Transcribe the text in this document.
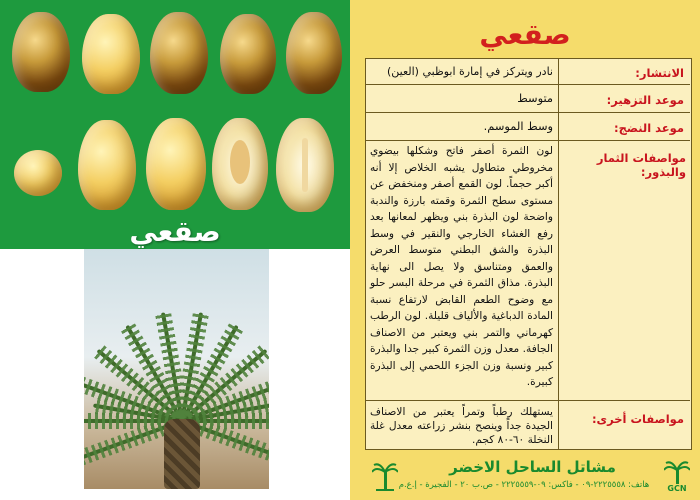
صقعي
صقعي
الانتشار:
نادر ويتركز في إمارة ابوظبي (العين)
موعد التزهير:
متوسط
موعد النضج:
وسط الموسم.
مواصفات الثمار والبذور:
لون الثمرة أصفر فاتح وشكلها بيضوي مخروطي متطاول يشبه الخلاص إلا أنه أكبر حجماً. لون القمع أصفر ومنخفض عن مستوى سطح الثمرة وقمته بارزة والندبة واضحة لون البذرة بني ويظهر لمعانها بعد رفع الغشاء الخارجي والنقير في وسط البذرة والشق البطني متوسط العرض والعمق ومتناسق ولا يصل الى نهاية البذرة. مذاق الثمرة في مرحلة البسر حلو مع وضوح الطعم القابض لارتفاع نسبة المادة الدباغية والألياف قليلة. لون الرطب كهرماني والتمر بني ويعتبر من الاصناف الجافة. معدل وزن الثمرة كبير جدا والبذرة كبير ونسبة وزن الجزء اللحمي إلى البذرة كبيرة.
مواصفات أخرى:
يستهلك رطباً وتمراً يعتبر من الاصناف الجيدة جداً وينصح بنشر زراعته معدل غلة النخلة ٦٠-٨٠ كجم.
مشاتل الساحل الاخضر
هاتف: ٢٢٢٥٥٥٨-٠٩ - فاكس: ٠٩-٢٢٢٥٥٥٩ - ص.ب ٢٠ - الفجيرة - إ.ع.م	GCN
